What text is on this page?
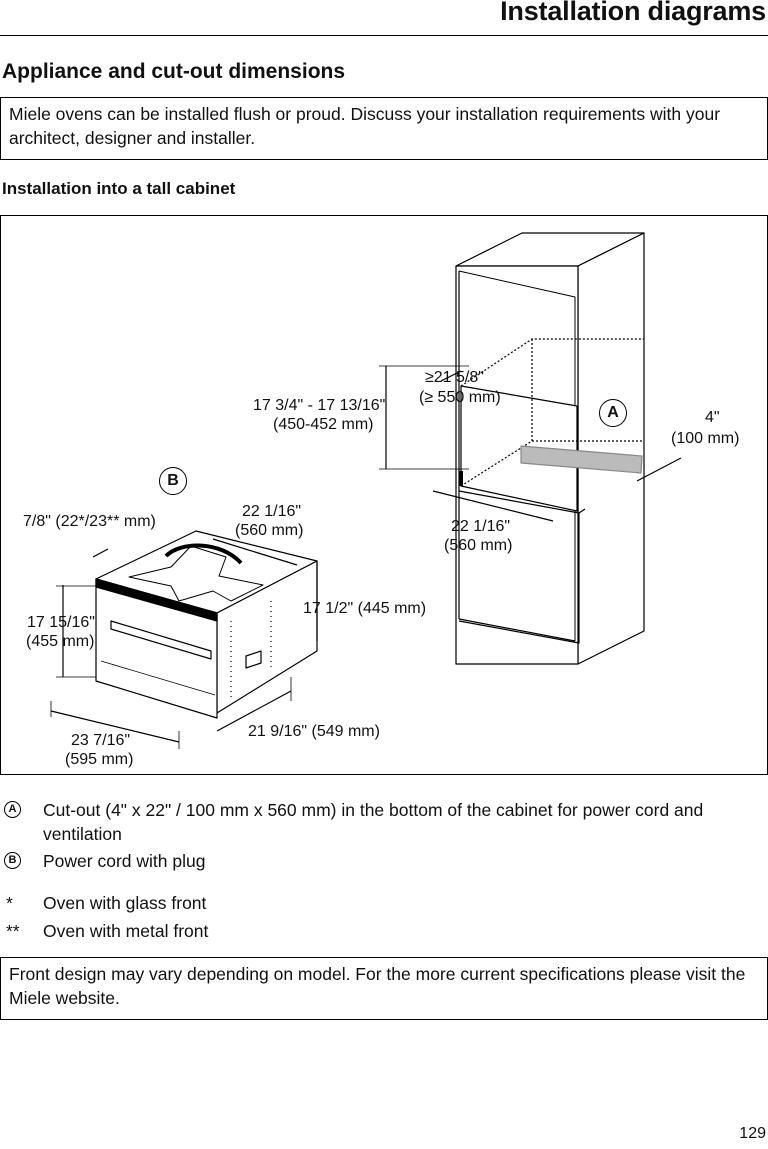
Installation diagrams
Appliance and cut-out dimensions
Miele ovens can be installed flush or proud. Discuss your installation requirements with your architect, designer and installer.
Installation into a tall cabinet
≥21 5/8"
(≥ 550 mm)
17 3/4" - 17 13/16"
(450-452 mm)	4"
(100 mm)
22 1/16"
(560 mm)
22 1/16"
(560 mm)
7/8" (22*/23** mm)
17 1/2" (445 mm)
17 15/16"
(455 mm)
23 7/16"
(595 mm)
21 9/16" (549 mm)
A
B
A Cut-out (4" x 22" / 100 mm x 560 mm) in the bottom of the cabinet for power cord and ventilation
B Power cord with plug
* Oven with glass front
** Oven with metal front
Front design may vary depending on model. For the more current specifications please visit the Miele website.
129
